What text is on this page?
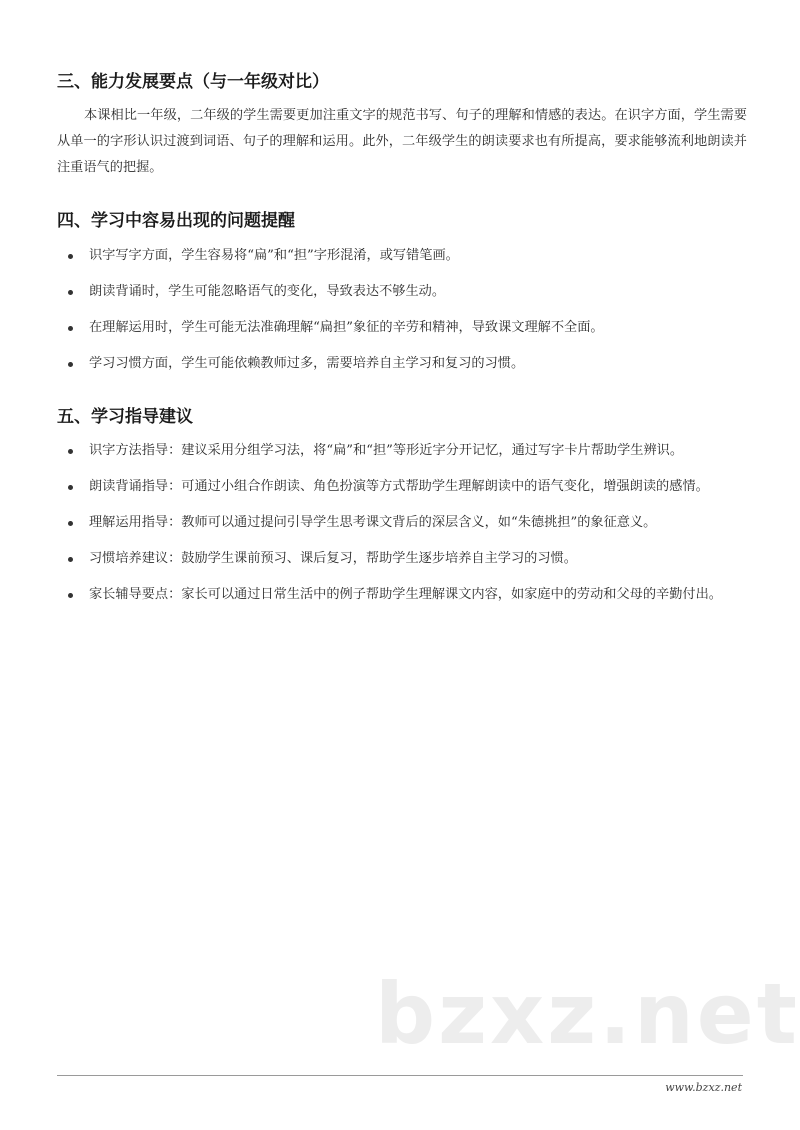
三、能力发展要点（与一年级对比）

本课相比一年级，二年级的学生需要更加注重文字的规范书写、句子的理解和情感的表达。在识字方面，学生需要从单一的字形认识过渡到词语、句子的理解和运用。此外，二年级学生的朗读要求也有所提高，要求能够流利地朗读并注重语气的把握。

四、学习中容易出现的问题提醒
识字写字方面，学生容易将“扁”和“担”字形混淆，或写错笔画。
朗读背诵时，学生可能忽略语气的变化，导致表达不够生动。
在理解运用时，学生可能无法准确理解“扁担”象征的辛劳和精神，导致课文理解不全面。
学习习惯方面，学生可能依赖教师过多，需要培养自主学习和复习的习惯。
五、学习指导建议
识字方法指导：建议采用分组学习法，将“扁”和“担”等形近字分开记忆，通过写字卡片帮助学生辨识。
朗读背诵指导：可通过小组合作朗读、角色扮演等方式帮助学生理解朗读中的语气变化，增强朗读的感情。
理解运用指导：教师可以通过提问引导学生思考课文背后的深层含义，如“朱德挑担”的象征意义。
习惯培养建议：鼓励学生课前预习、课后复习，帮助学生逐步培养自主学习的习惯。
家长辅导要点：家长可以通过日常生活中的例子帮助学生理解课文内容，如家庭中的劳动和父母的辛勤付出。
bzxz.net
www.bzxz.net
